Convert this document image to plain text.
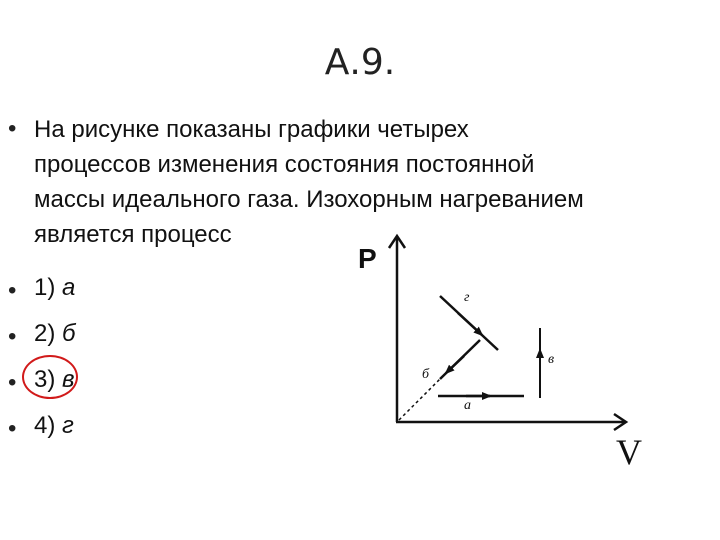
А.9.
• На рисунке показаны графики четырех
процессов изменения состояния постоянной
массы идеального газа. Изохорным нагреванием
является процесс
• 1) а
• 2) б
• 3) в
• 4) г
P
V
г
б
в
а
